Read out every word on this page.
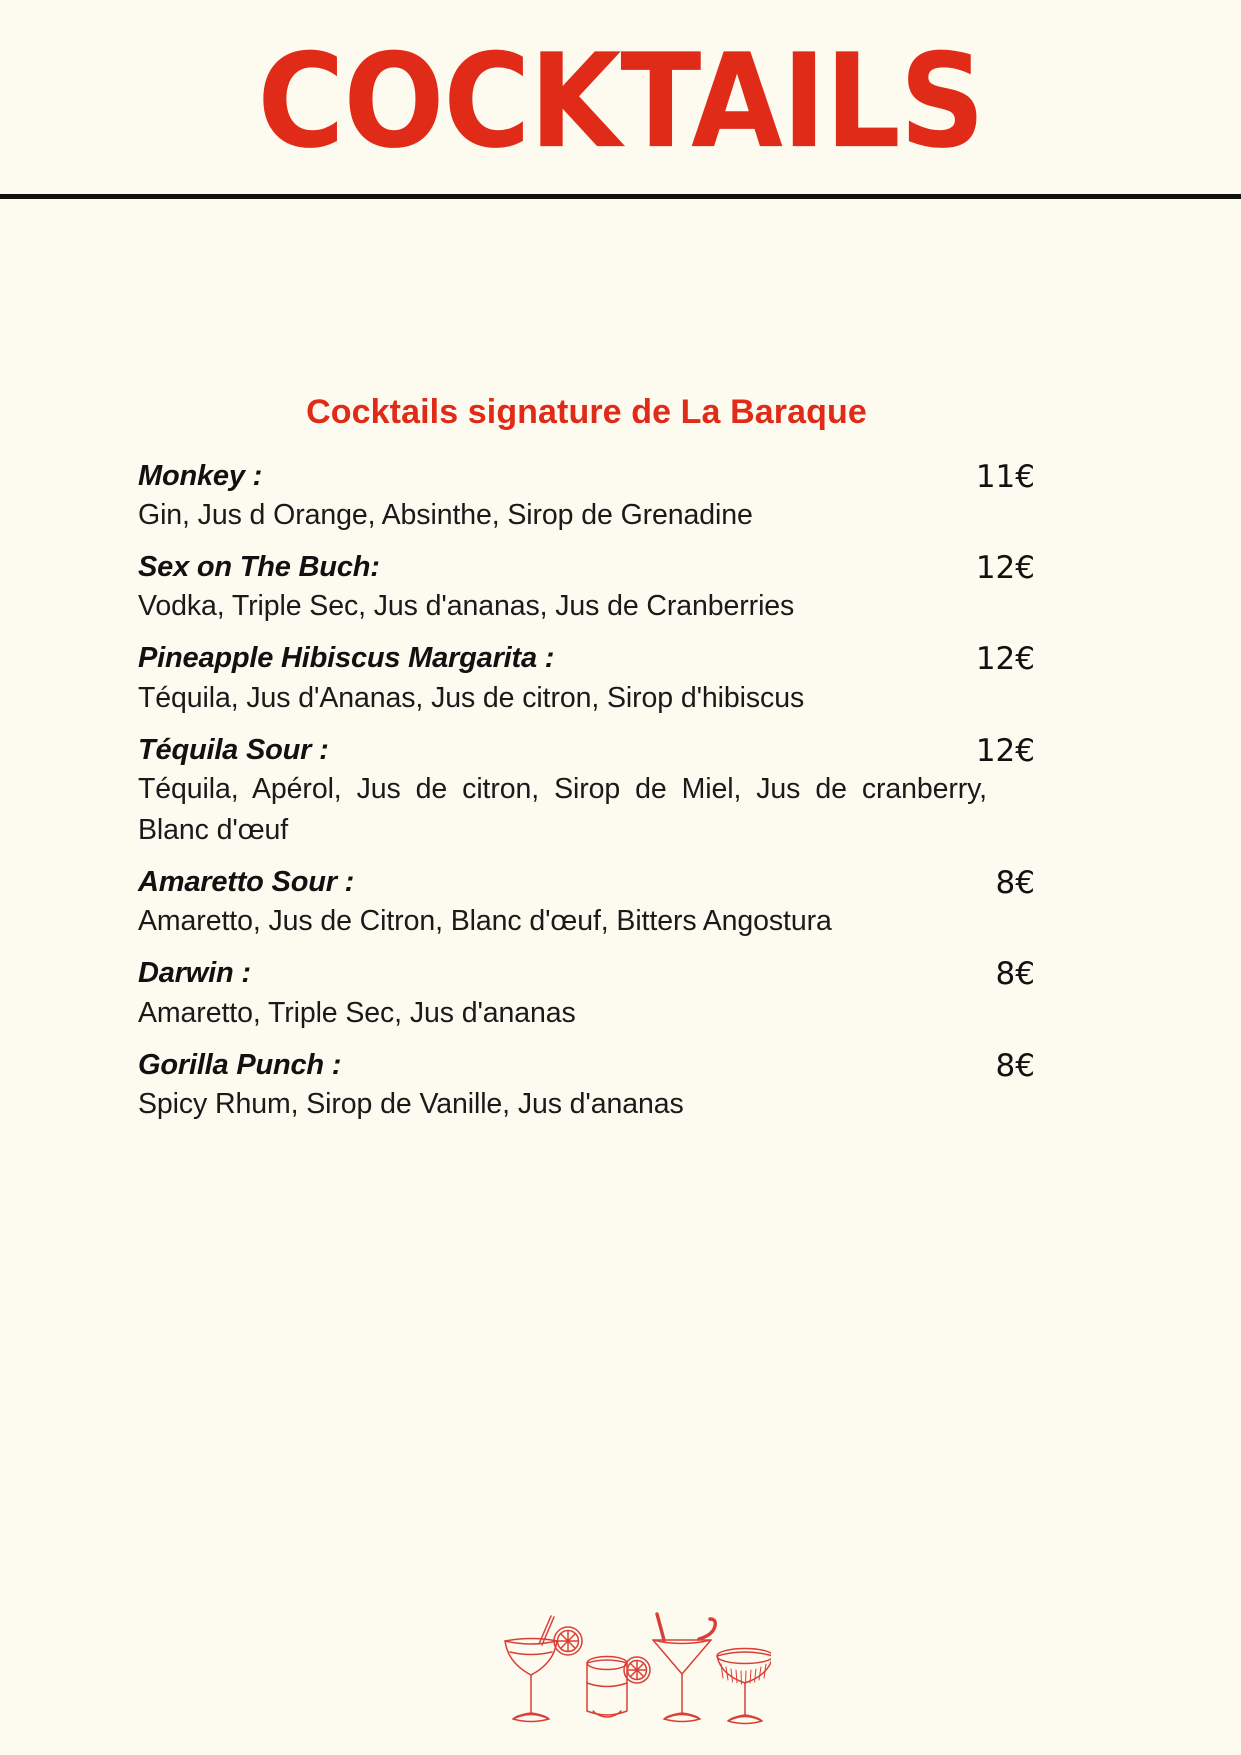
COCKTAILS
Cocktails signature de La Baraque
Monkey :	11€
Gin, Jus d Orange, Absinthe, Sirop de Grenadine
Sex on The Buch:	12€
Vodka, Triple Sec, Jus d'ananas, Jus de Cranberries
Pineapple Hibiscus Margarita :	12€
Téquila, Jus d'Ananas, Jus de citron, Sirop d'hibiscus
Téquila Sour :	12€
Téquila, Apérol, Jus de citron, Sirop de Miel, Jus de cranberry, Blanc d'œuf
Amaretto Sour :	8€
Amaretto, Jus de Citron, Blanc d'œuf, Bitters Angostura
Darwin :	8€
Amaretto, Triple Sec, Jus d'ananas
Gorilla Punch :	8€
Spicy Rhum, Sirop de Vanille, Jus d'ananas
